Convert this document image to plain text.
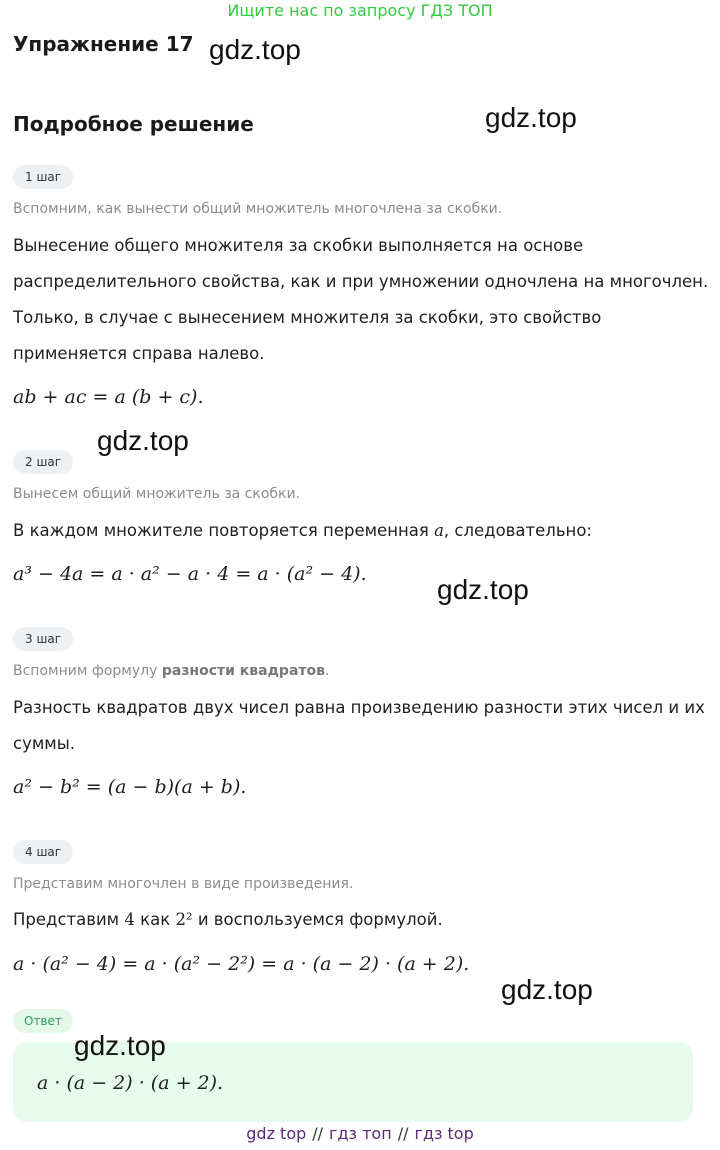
Ищите нас по запросу ГДЗ ТОП
Упражнение 17 gdz.top
Подробное решение	gdz.top
1 шаг
Вспомним, как вынести общий множитель многочлена за скобки.
Вынесение общего множителя за скобки выполняется на основе
распределительного свойства, как и при умножении одночлена на многочлен.
Только, в случае с вынесением множителя за скобки, это свойство
применяется справа налево.
ab + ac = a (b + c).
gdz.top
2 шаг
Вынесем общий множитель за скобки.
В каждом множителе повторяется переменная a, следовательно:
a³ − 4a = a · a² − a · 4 = a · (a² − 4).	gdz.top
3 шаг
Вспомним формулу разности квадратов.
Разность квадратов двух чисел равна произведению разности этих чисел и их
суммы.
a² − b² = (a − b)(a + b).
4 шаг
Представим многочлен в виде произведения.
Представим 4 как 2² и воспользуемся формулой.
a · (a² − 4) = a · (a² − 2²) = a · (a − 2) · (a + 2).
gdz.top
Ответ
gdz.top
a · (a − 2) · (a + 2).
gdz top // гдз топ // гдз top
